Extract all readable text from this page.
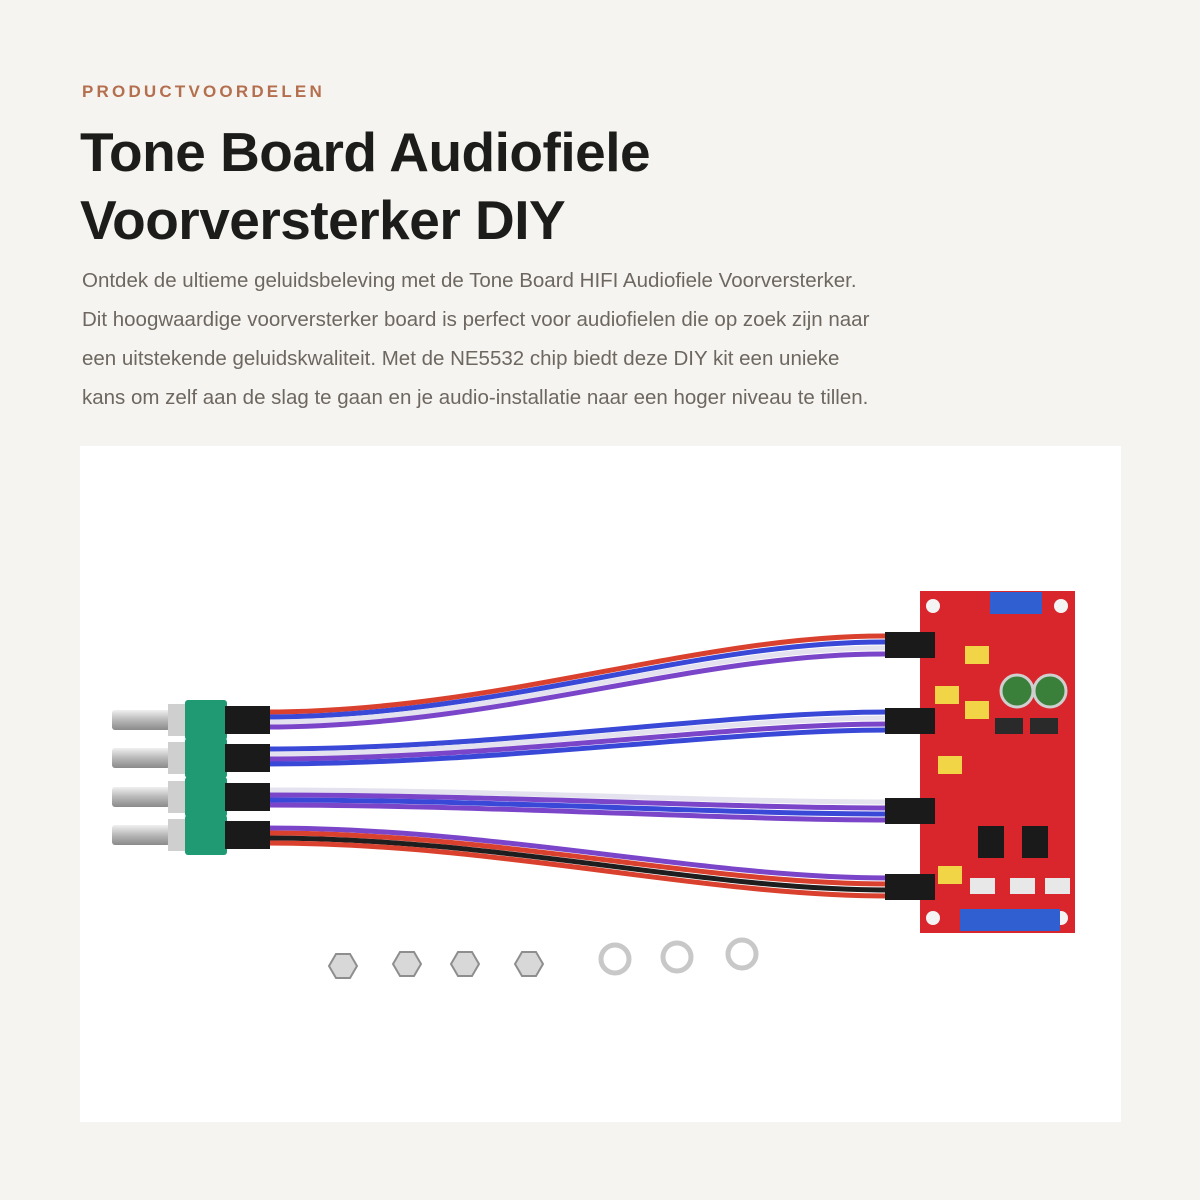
PRODUCTVOORDELEN

Tone Board Audiofiele
Voorversterker DIY

Ontdek de ultieme geluidsbeleving met de Tone Board HIFI Audiofiele Voorversterker.
Dit hoogwaardige voorversterker board is perfect voor audiofielen die op zoek zijn naar
een uitstekende geluidskwaliteit. Met de NE5532 chip biedt deze DIY kit een unieke
kans om zelf aan de slag te gaan en je audio-installatie naar een hoger niveau te tillen.
